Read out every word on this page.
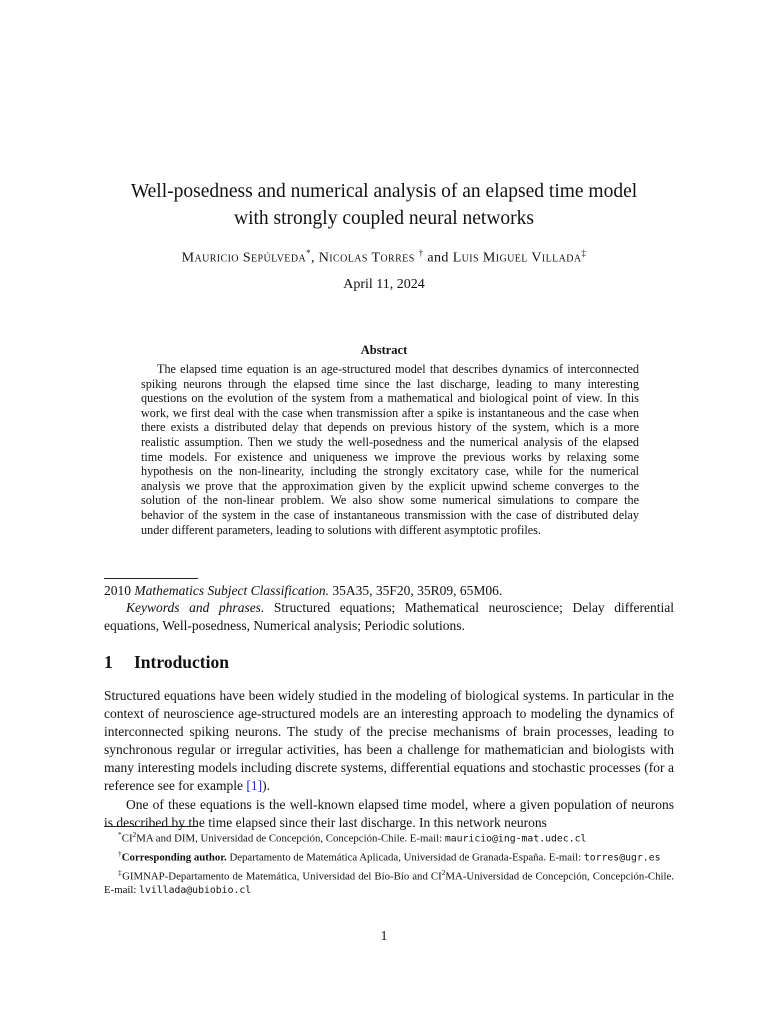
Well-posedness and numerical analysis of an elapsed time model
with strongly coupled neural networks
Mauricio Sepúlveda*, Nicolas Torres † and Luis Miguel Villada‡
April 11, 2024
Abstract

The elapsed time equation is an age-structured model that describes dynamics of interconnected spiking neurons through the elapsed time since the last discharge, leading to many interesting questions on the evolution of the system from a mathematical and biological point of view. In this work, we first deal with the case when transmission after a spike is instantaneous and the case when there exists a distributed delay that depends on previous history of the system, which is a more realistic assumption. Then we study the well-posedness and the numerical analysis of the elapsed time models. For existence and uniqueness we improve the previous works by relaxing some hypothesis on the non-linearity, including the strongly excitatory case, while for the numerical analysis we prove that the approximation given by the explicit upwind scheme converges to the solution of the non-linear problem. We also show some numerical simulations to compare the behavior of the system in the case of instantaneous transmission with the case of distributed delay under different parameters, leading to solutions with different asymptotic profiles.

2010 Mathematics Subject Classification. 35A35, 35F20, 35R09, 65M06.

Keywords and phrases. Structured equations; Mathematical neuroscience; Delay differential equations, Well-posedness, Numerical analysis; Periodic solutions.

1 Introduction

Structured equations have been widely studied in the modeling of biological systems. In particular in the context of neuroscience age-structured models are an interesting approach to modeling the dynamics of interconnected spiking neurons. The study of the precise mechanisms of brain processes, leading to synchronous regular or irregular activities, has been a challenge for mathematician and biologists with many interesting models including discrete systems, differential equations and stochastic processes (for a reference see for example [1]).

One of these equations is the well-known elapsed time model, where a given population of neurons is described by the time elapsed since their last discharge. In this network neurons

$^*CI^2MA$ and DIM, Universidad de Concepción, Concepción-Chile. E-mail: mauricio@ing-mat.udec.cl

†Corresponding author. Departamento de Matemática Aplicada, Universidad de Granada-España. E-mail: torres@ugr.es

‡GIMNAP-Departamento de Matemática, Universidad del Bío-Bío and $CI^2MA$-Universidad de Concepción, Concepción-Chile. E-mail: lvillada@ubiobio.cl

1
